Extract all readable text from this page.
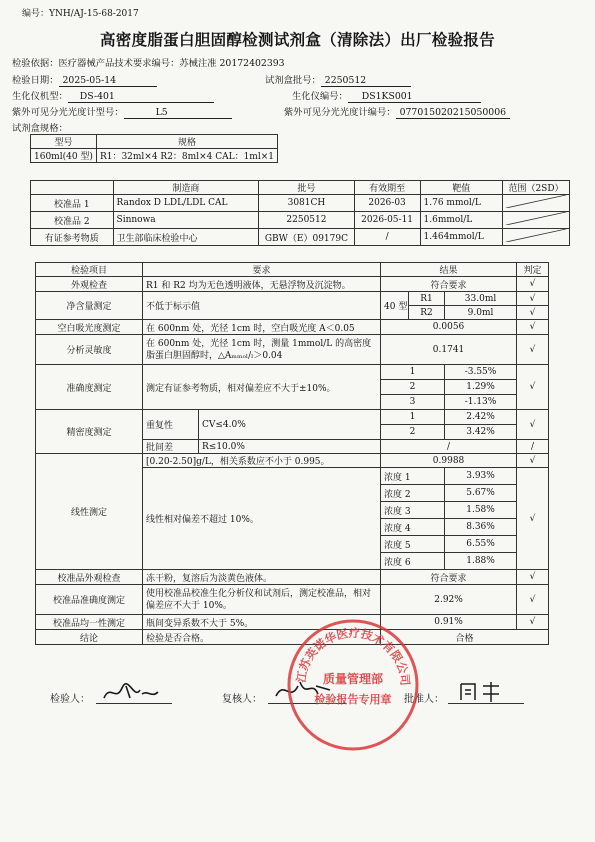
编号：YNH/AJ-15-68-2017
高密度脂蛋白胆固醇检测试剂盒（清除法）出厂检验报告
检验依据：医疗器械产品技术要求编号：苏械注准 20172402393
检验日期： 2025-05-14	试剂盒批号： 2250512
生化仪机型： DS-401	生化仪编号： DS1KS001
紫外可见分光光度计型号：	L5	紫外可见分光光度计编号： 077015020215050006
试剂盒规格：
型号	规格
160ml(40 型)	R1：32ml×4 R2：8ml×4 CAL：1ml×1
	制造商	批号	有效期至	靶值	范围（2SD）
校准品 1	Randox D LDL/LDL CAL	3081CH	2026-03	1.76 mmol/L	
校准品 2	Sinnowa	2250512	2026-05-11	1.6mmol/L	
有证参考物质	卫生部临床检验中心	GBW（E）09179C	/	1.464mmol/L	
检验项目	要求		结果			判定
外观检查	R1 和 R2 均为无色透明液体，无悬浮物及沉淀物。		符合要求			√
净含量测定	不低于标示值		40 型	R1	33.0ml	√
				R2	9.0ml	√
空白吸光度测定	在 600nm 处，光径 1cm 时，空白吸光度 A＜0.05		0.0056			√
分析灵敏度	在 600nm 处，光径 1cm 时，测量 1mmol/L 的高密度脂蛋白胆固醇时，△Aₘₘₒₗ/ₗ＞0.04		0.1741			√
准确度测定	测定有证参考物质，相对偏差应不大于±10%。		1		-3.55%	√
			2		1.29%	
			3		-1.13%	
精密度测定	重复性	CV≤4.0%	1		2.42%	√
			2		3.42%	
	批间差	R≤10.0%	/			/
线性测定	[0.20-2.50]g/L，相关系数应不小于 0.995。		0.9988			√
	线性相对偏差不超过 10%。		浓度 1		3.93%	√
			浓度 2		5.67%	
			浓度 3		1.58%	
			浓度 4		8.36%	
			浓度 5		6.55%	
			浓度 6		1.88%	
校准品外观检查	冻干粉，复溶后为淡黄色液体。		符合要求			√
校准品准确度测定	使用校准品校准生化分析仪和试剂后，测定校准品，相对偏差应不大于 10%。		2.92%			√
校准品均一性测定	瓶间变异系数不大于 5%。		0.91%			√
结论	检验是否合格。		合格			
检验人：	复核人：	批准人：
江苏英诺华医疗技术有限公司
质量管理部
检验报告专用章
